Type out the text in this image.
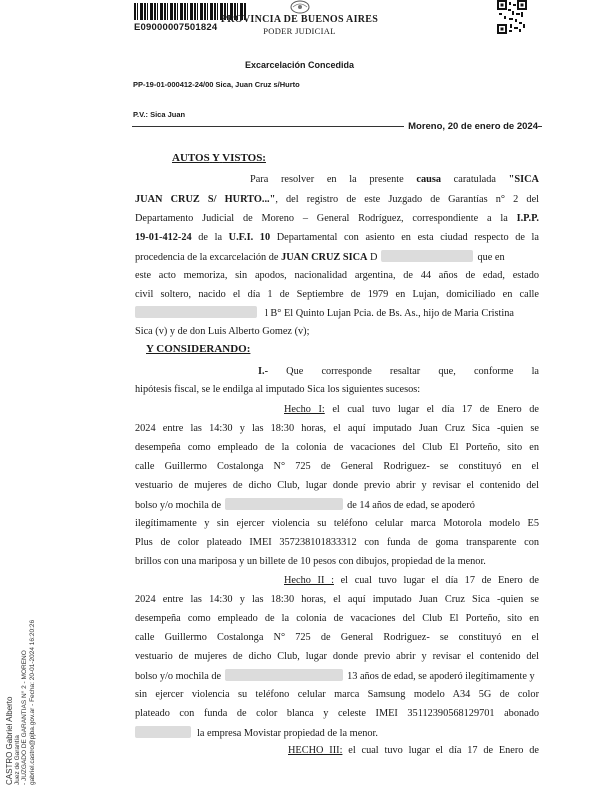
E09000007501824
PROVINCIA DE BUENOS AIRES
PODER JUDICIAL
Excarcelación Concedida
PP-19-01-000412-24/00 Sica, Juan Cruz s/Hurto
P.V.: Sica Juan
Moreno, 20 de enero de 2024
AUTOS Y VISTOS:
Para resolver en la presente causa caratulada "SICA
JUAN CRUZ S/ HURTO...", del registro de este Juzgado de Garantías n° 2 del
Departamento Judicial de Moreno – General Rodríguez, correspondiente a la I.P.P.
19-01-412-24 de la U.F.I. 10 Departamental con asiento en esta ciudad respecto de la
procedencia de la excarcelación de JUAN CRUZ SICA D	que en
este acto memoriza, sin apodos, nacionalidad argentina, de 44 años de edad, estado
civil soltero, nacido el día 1 de Septiembre de 1979 en Lujan, domiciliado en calle
l B° El Quinto Lujan Pcia. de Bs. As., hijo de Maria Cristina
Sica (v) y de don Luis Alberto Gomez (v);
Y CONSIDERANDO:
I.- Que corresponde resaltar que, conforme la
hipótesis fiscal, se le endilga al imputado Sica los siguientes sucesos:
Hecho I: el cual tuvo lugar el día 17 de Enero de
2024 entre las 14:30 y las 18:30 horas, el aquí imputado Juan Cruz Sica -quien se
desempeña como empleado de la colonia de vacaciones del Club El Porteño, sito en
calle Guillermo Costalonga N° 725 de General Rodriguez- se constituyó en el
vestuario de mujeres de dicho Club, lugar donde previo abrir y revisar el contenido del
bolso y/o mochila de	de 14 años de edad, se apoderó
ilegítimamente y sin ejercer violencia su teléfono celular marca Motorola modelo E5
Plus de color plateado IMEI 357238101833312 con funda de goma transparente con
brillos con una mariposa y un billete de 10 pesos con dibujos, propiedad de la menor.
Hecho II : el cual tuvo lugar el día 17 de Enero de
2024 entre las 14:30 y las 18:30 horas, el aquí imputado Juan Cruz Sica -quien se
desempeña como empleado de la colonia de vacaciones del Club El Porteño, sito en
calle Guillermo Costalonga N° 725 de General Rodriguez- se constituyó en el
vestuario de mujeres de dicho Club, lugar donde previo abrir y revisar el contenido del
bolso y/o mochila de	13 años de edad, se apoderó ilegítimamente y
sin ejercer violencia su teléfono celular marca Samsung modelo A34 5G de color
plateado con funda de color blanca y celeste IMEI 351123905681297​01 abonado
la empresa Movistar propiedad de la menor.
HECHO III: el cual tuvo lugar el día 17 de Enero de
CASTRO Gabriel Alberto Juez de Garantía - JUZGADO DE GARANTIAS N° 2 - MORENO gabriel.castro@pjba.gov.ar - Fecha: 20-01-2024 16:20:26
